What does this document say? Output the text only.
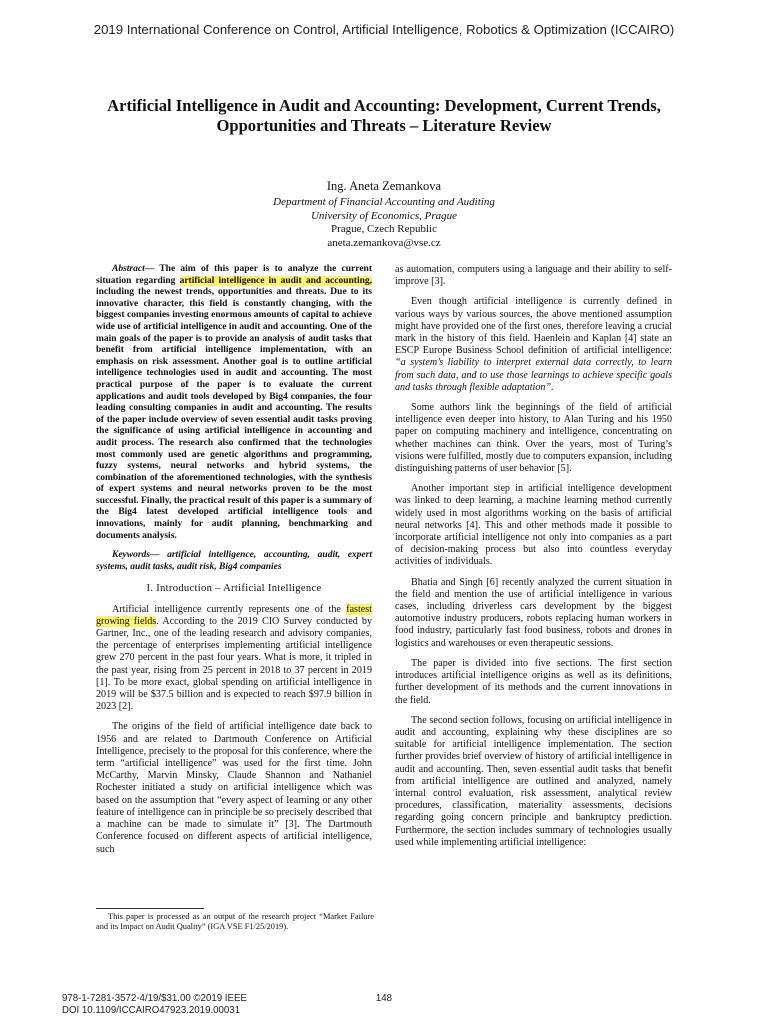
2019 International Conference on Control, Artificial Intelligence, Robotics & Optimization (ICCAIRO)
Artificial Intelligence in Audit and Accounting: Development, Current Trends,
Opportunities and Threats – Literature Review
Ing. Aneta Zemankova
Department of Financial Accounting and Auditing
University of Economics, Prague
Prague, Czech Republic
aneta.zemankova@vse.cz

Abstract— The aim of this paper is to analyze the current situation regarding artificial intelligence in audit and accounting, including the newest trends, opportunities and threats. Due to its innovative character, this field is constantly changing, with the biggest companies investing enormous amounts of capital to achieve wide use of artificial intelligence in audit and accounting. One of the main goals of the paper is to provide an analysis of audit tasks that benefit from artificial intelligence implementation, with an emphasis on risk assessment. Another goal is to outline artificial intelligence technologies used in audit and accounting. The most practical purpose of the paper is to evaluate the current applications and audit tools developed by Big4 companies, the four leading consulting companies in audit and accounting. The results of the paper include overview of seven essential audit tasks proving the significance of using artificial intelligence in accounting and audit process. The research also confirmed that the technologies most commonly used are genetic algorithms and programming, fuzzy systems, neural networks and hybrid systems, the combination of the aforementioned technologies, with the synthesis of expert systems and neural networks proven to be the most successful. Finally, the practical result of this paper is a summary of the Big4 latest developed artificial intelligence tools and innovations, mainly for audit planning, benchmarking and documents analysis.

Keywords— artificial intelligence, accounting, audit, expert systems, audit tasks, audit risk, Big4 companies

I. Introduction – Artificial Intelligence

Artificial intelligence currently represents one of the fastest growing fields. According to the 2019 CIO Survey conducted by Gartner, Inc., one of the leading research and advisory companies, the percentage of enterprises implementing artificial intelligence grew 270 percent in the past four years. What is more, it tripled in the past year, rising from 25 percent in 2018 to 37 percent in 2019 [1]. To be more exact, global spending on artificial intelligence in 2019 will be $37.5 billion and is expected to reach $97.9 billion in 2023 [2].

The origins of the field of artificial intelligence date back to 1956 and are related to Dartmouth Conference on Artificial Intelligence, precisely to the proposal for this conference, where the term “artificial intelligence” was used for the first time. John McCarthy, Marvin Minsky, Claude Shannon and Nathaniel Rochester initiated a study on artificial intelligence which was based on the assumption that “every aspect of learning or any other feature of intelligence can in principle be so precisely described that a machine can be made to simulate it” [3]. The Dartmouth Conference focused on different aspects of artificial intelligence, such

as automation, computers using a language and their ability to self-improve [3].

Even though artificial intelligence is currently defined in various ways by various sources, the above mentioned assumption might have provided one of the first ones, therefore leaving a crucial mark in the history of this field. Haenlein and Kaplan [4] state an ESCP Europe Business School definition of artificial intelligence: “a system’s liability to interpret external data correctly, to learn from such data, and to use those learnings to achieve specific goals and tasks through flexible adaptation”.

Some authors link the beginnings of the field of artificial intelligence even deeper into history, to Alan Turing and his 1950 paper on computing machinery and intelligence, concentrating on whether machines can think. Over the years, most of Turing’s visions were fulfilled, mostly due to computers expansion, including distinguishing patterns of user behavior [5].

Another important step in artificial intelligence development was linked to deep learning, a machine learning method currently widely used in most algorithms working on the basis of artificial neural networks [4]. This and other methods made it possible to incorporate artificial intelligence not only into companies as a part of decision-making process but also into countless everyday activities of individuals.

Bhatia and Singh [6] recently analyzed the current situation in the field and mention the use of artificial intelligence in various cases, including driverless cars development by the biggest automotive industry producers, robots replacing human workers in food industry, particularly fast food business, robots and drones in logistics and warehouses or even therapeutic sessions.

The paper is divided into five sections. The first section introduces artificial intelligence origins as well as its definitions, further development of its methods and the current innovations in the field.

The second section follows, focusing on artificial intelligence in audit and accounting, explaining why these disciplines are so suitable for artificial intelligence implementation. The section further provides brief overview of history of artificial intelligence in audit and accounting. Then, seven essential audit tasks that benefit from artificial intelligence are outlined and analyzed, namely internal control evaluation, risk assessment, analytical review procedures, classification, materiality assessments, decisions regarding going concern principle and bankruptcy prediction. Furthermore, the section includes summary of technologies usually used while implementing artificial intelligence:

This paper is processed as an output of the research project “Market Failure and its Impact on Audit Quality” (IGA VSE F1/25/2019).
978-1-7281-3572-4/19/$31.00 ©2019 IEEE
DOI 10.1109/ICCAIRO47923.2019.00031
148
